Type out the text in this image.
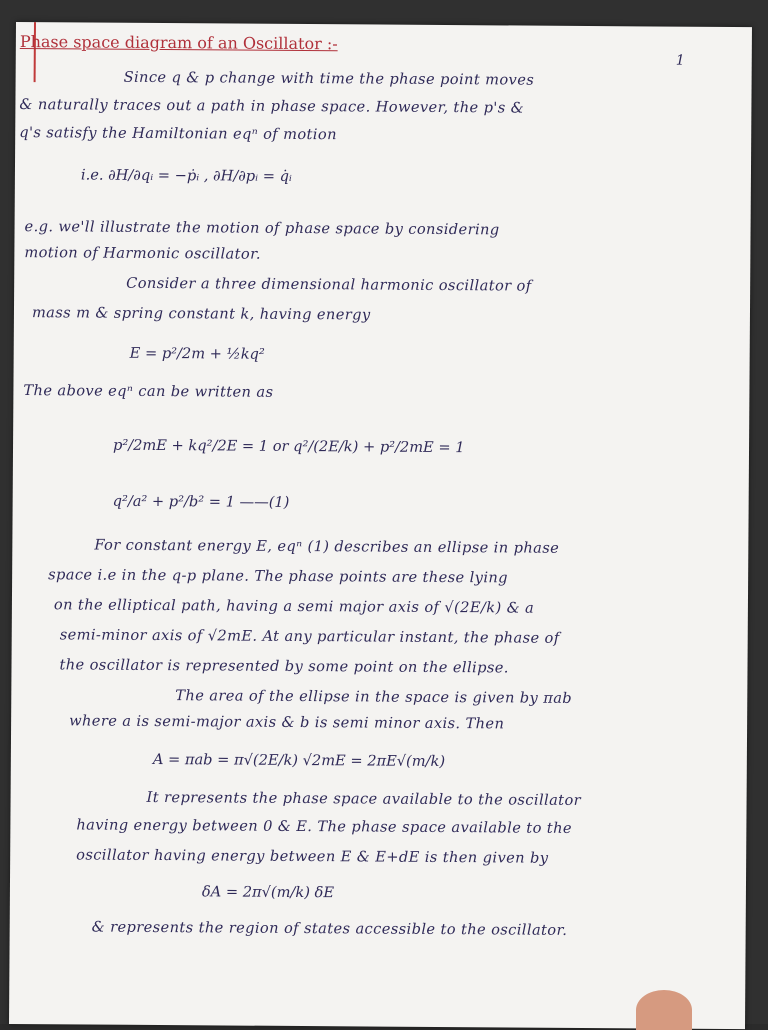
Phase space diagram of an Oscillator :-
1
Since q & p change with time the phase point moves
& naturally traces out a path in phase space. However, the p's &
q's satisfy the Hamiltonian eqⁿ of motion
i.e. ∂H/∂qᵢ = −ṗᵢ , ∂H/∂pᵢ = q̇ᵢ
e.g. we'll illustrate the motion of phase space by considering
motion of Harmonic oscillator.
Consider a three dimensional harmonic oscillator of
mass m & spring constant k, having energy
E = p²/2m + ½kq²
The above eqⁿ can be written as
p²/2mE + kq²/2E = 1 or q²/(2E/k) + p²/2mE = 1
q²/a² + p²/b² = 1 ——(1)
For constant energy E, eqⁿ (1) describes an ellipse in phase
space i.e in the q-p plane. The phase points are these lying
on the elliptical path, having a semi major axis of √(2E/k) & a
semi-minor axis of √2mE. At any particular instant, the phase of
the oscillator is represented by some point on the ellipse.
The area of the ellipse in the space is given by πab
where a is semi-major axis & b is semi minor axis. Then
A = πab = π√(2E/k) √2mE = 2πE√(m/k)
It represents the phase space available to the oscillator
having energy between 0 & E. The phase space available to the
oscillator having energy between E & E+dE is then given by
δA = 2π√(m/k) δE
& represents the region of states accessible to the oscillator.
